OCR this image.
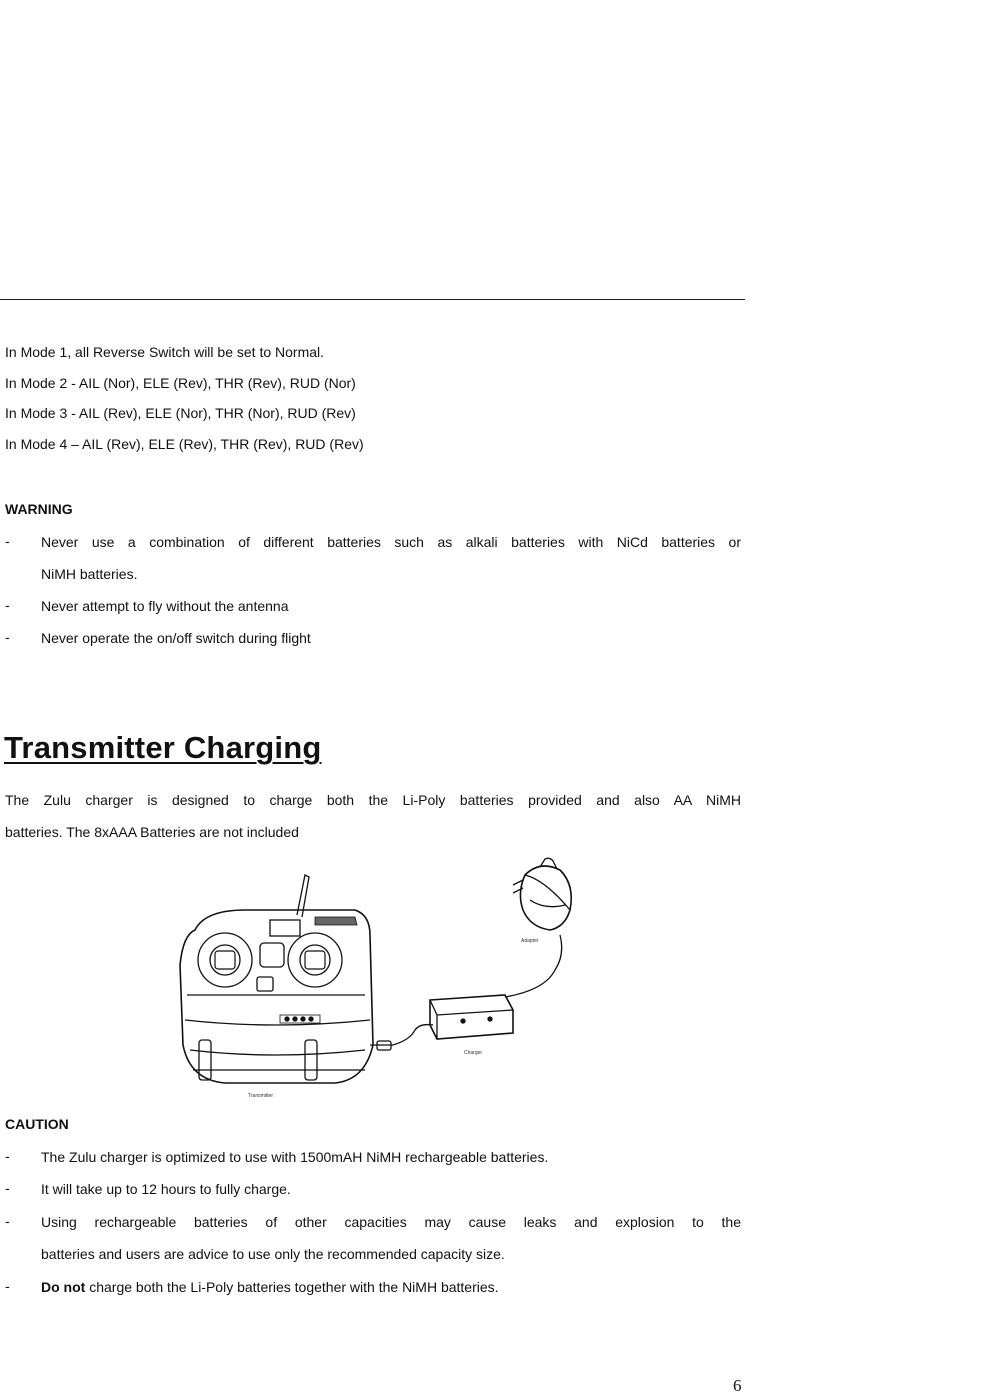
In Mode 1, all Reverse Switch will be set to Normal.
In Mode 2 - AIL (Nor), ELE (Rev), THR (Rev), RUD (Nor)
In Mode 3 - AIL (Rev), ELE (Nor), THR (Nor), RUD (Rev)
In Mode 4 – AIL (Rev), ELE (Rev), THR (Rev), RUD (Rev)
WARNING
- Never use a combination of different batteries such as alkali batteries with NiCd batteries or
NiMH batteries.
- Never attempt to fly without the antenna
- Never operate the on/off switch during flight
Transmitter Charging
The Zulu charger is designed to charge both the Li-Poly batteries provided and also AA NiMH
batteries. The 8xAAA Batteries are not included
Adapter
Charger
Transmitter
CAUTION
- The Zulu charger is optimized to use with 1500mAH NiMH rechargeable batteries.
- It will take up to 12 hours to fully charge.
- Using rechargeable batteries of other capacities may cause leaks and explosion to the
batteries and users are advice to use only the recommended capacity size.
- Do not charge both the Li-Poly batteries together with the NiMH batteries.
6
